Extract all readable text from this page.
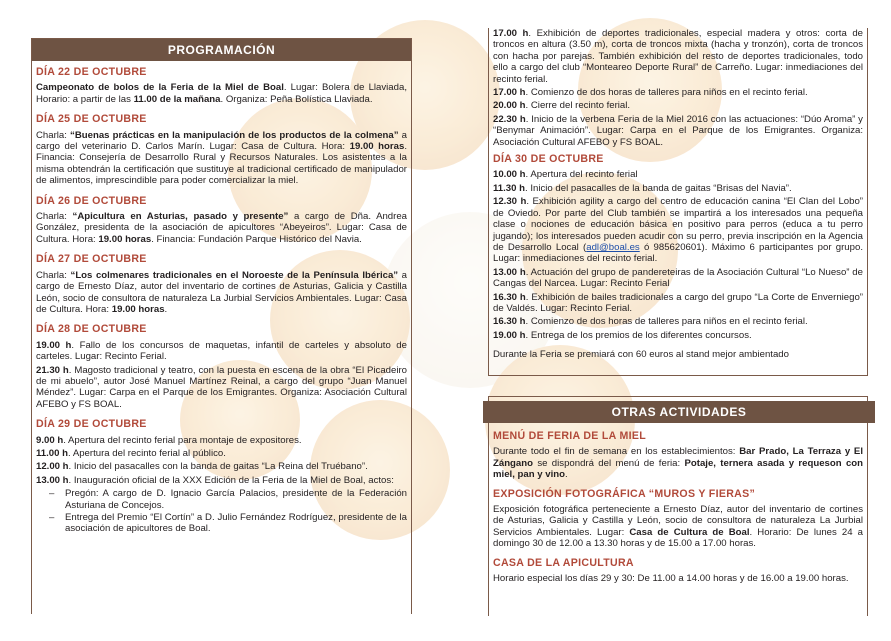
PROGRAMACIÓN
DÍA 22 DE OCTUBRE
Campeonato de bolos de la Feria de la Miel de Boal. Lugar: Bolera de Llaviada, Horario: a partir de las 11.00 de la mañana. Organiza: Peña Bolística Llaviada.
DÍA 25 DE OCTUBRE
Charla: “Buenas prácticas en la manipulación de los productos de la colmena” a cargo del veterinario D. Carlos Marín. Lugar: Casa de Cultura. Hora: 19.00 horas. Financia: Consejería de Desarrollo Rural y Recursos Naturales. Los asistentes a la misma obtendrán la certificación que sustituye al tradicional certificado de manipulador de alimentos, imprescindible para poder comercializar la miel.
DÍA 26 DE OCTUBRE
Charla: “Apicultura en Asturias, pasado y presente” a cargo de Dña. Andrea González, presidenta de la asociación de apicultores “Abeyeiros”. Lugar: Casa de Cultura. Hora: 19.00 horas. Financia: Fundación Parque Histórico del Navia.
DÍA 27 DE OCTUBRE
Charla: “Los colmenares tradicionales en el Noroeste de la Península Ibérica” a cargo de Ernesto Díaz, autor del inventario de cortines de Asturias, Galicia y Castilla León, socio de consultora de naturaleza La Jurbial Servicios Ambientales. Lugar: Casa de Cultura. Hora: 19.00 horas.
DÍA 28 DE OCTUBRE
19.00 h. Fallo de los concursos de maquetas, infantil de carteles y absoluto de carteles. Lugar: Recinto Ferial.
21.30 h. Magosto tradicional y teatro, con la puesta en escena de la obra “El Picadeiro de mi abuelo”, autor José Manuel Martínez Reinal, a cargo del grupo “Juan Manuel Méndez”. Lugar: Carpa en el Parque de los Emigrantes. Organiza: Asociación Cultural AFEBO y FS BOAL.
DÍA 29 DE OCTUBRE
9.00 h. Apertura del recinto ferial para montaje de expositores.
11.00 h. Apertura del recinto ferial al público.
12.00 h. Inicio del pasacalles con la banda de gaitas “La Reina del Truébano”.
13.00 h. Inauguración oficial de la XXX Edición de la Feria de la Miel de Boal, actos:
– Pregón: A cargo de D. Ignacio García Palacios, presidente de la Federación Asturiana de Concejos.
– Entrega del Premio “El Cortín” a D. Julio Fernández Rodríguez, presidente de la asociación de apicultores de Boal.
17.00 h. Exhibición de deportes tradicionales, especial madera y otros: corta de troncos en altura (3.50 m), corta de troncos mixta (hacha y tronzón), corta de troncos con hacha por parejas. También exhibición del resto de deportes tradicionales, todo ello a cargo del club “Monteareo Deporte Rural” de Carreño. Lugar: inmediaciones del recinto ferial.
17.00 h. Comienzo de dos horas de talleres para niños en el recinto ferial.
20.00 h. Cierre del recinto ferial.
22.30 h. Inicio de la verbena Feria de la Miel 2016 con las actuaciones: “Dúo Aroma” y “Benymar Animación”. Lugar: Carpa en el Parque de los Emigrantes. Organiza: Asociación Cultural AFEBO y FS BOAL.
DÍA 30 DE OCTUBRE
10.00 h. Apertura del recinto ferial
11.30 h. Inicio del pasacalles de la banda de gaitas “Brisas del Navia”.
12.30 h. Exhibición agility a cargo del centro de educación canina “El Clan del Lobo” de Oviedo. Por parte del Club también se impartirá a los interesados una pequeña clase o nociones de educación básica en positivo para perros (educa a tu perro jugando); los interesados pueden acudir con su perro, previa inscripción en la Agencia de Desarrollo Local (adl@boal.es ó 985620601). Máximo 6 participantes por grupo. Lugar: inmediaciones del recinto ferial.
13.00 h. Actuación del grupo de pandereteiras de la Asociación Cultural “Lo Nueso” de Cangas del Narcea. Lugar: Recinto Ferial
16.30 h. Exhibición de bailes tradicionales a cargo del grupo “La Corte de Enverniego” de Valdés. Lugar: Recinto Ferial.
16.30 h. Comienzo de dos horas de talleres para niños en el recinto ferial.
19.00 h. Entrega de los premios de los diferentes concursos.
Durante la Feria se premiará con 60 euros al stand mejor ambientado
OTRAS ACTIVIDADES
MENÚ DE FERIA DE LA MIEL
Durante todo el fin de semana en los establecimientos: Bar Prado, La Terraza y El Zángano se dispondrá del menú de feria: Potaje, ternera asada y requeson con miel, pan y vino.
EXPOSICIÓN FOTOGRÁFICA “MUROS Y FIERAS”
Exposición fotográfica perteneciente a Ernesto Díaz, autor del inventario de cortines de Asturias, Galicia y Castilla y León, socio de consultora de naturaleza La Jurbial Servicios Ambientales. Lugar: Casa de Cultura de Boal. Horario: De lunes 24 a domingo 30 de 12.00 a 13.30 horas y de 15.00 a 17.00 horas.
CASA DE LA APICULTURA
Horario especial los días 29 y 30: De 11.00 a 14.00 horas y de 16.00 a 19.00 horas.
